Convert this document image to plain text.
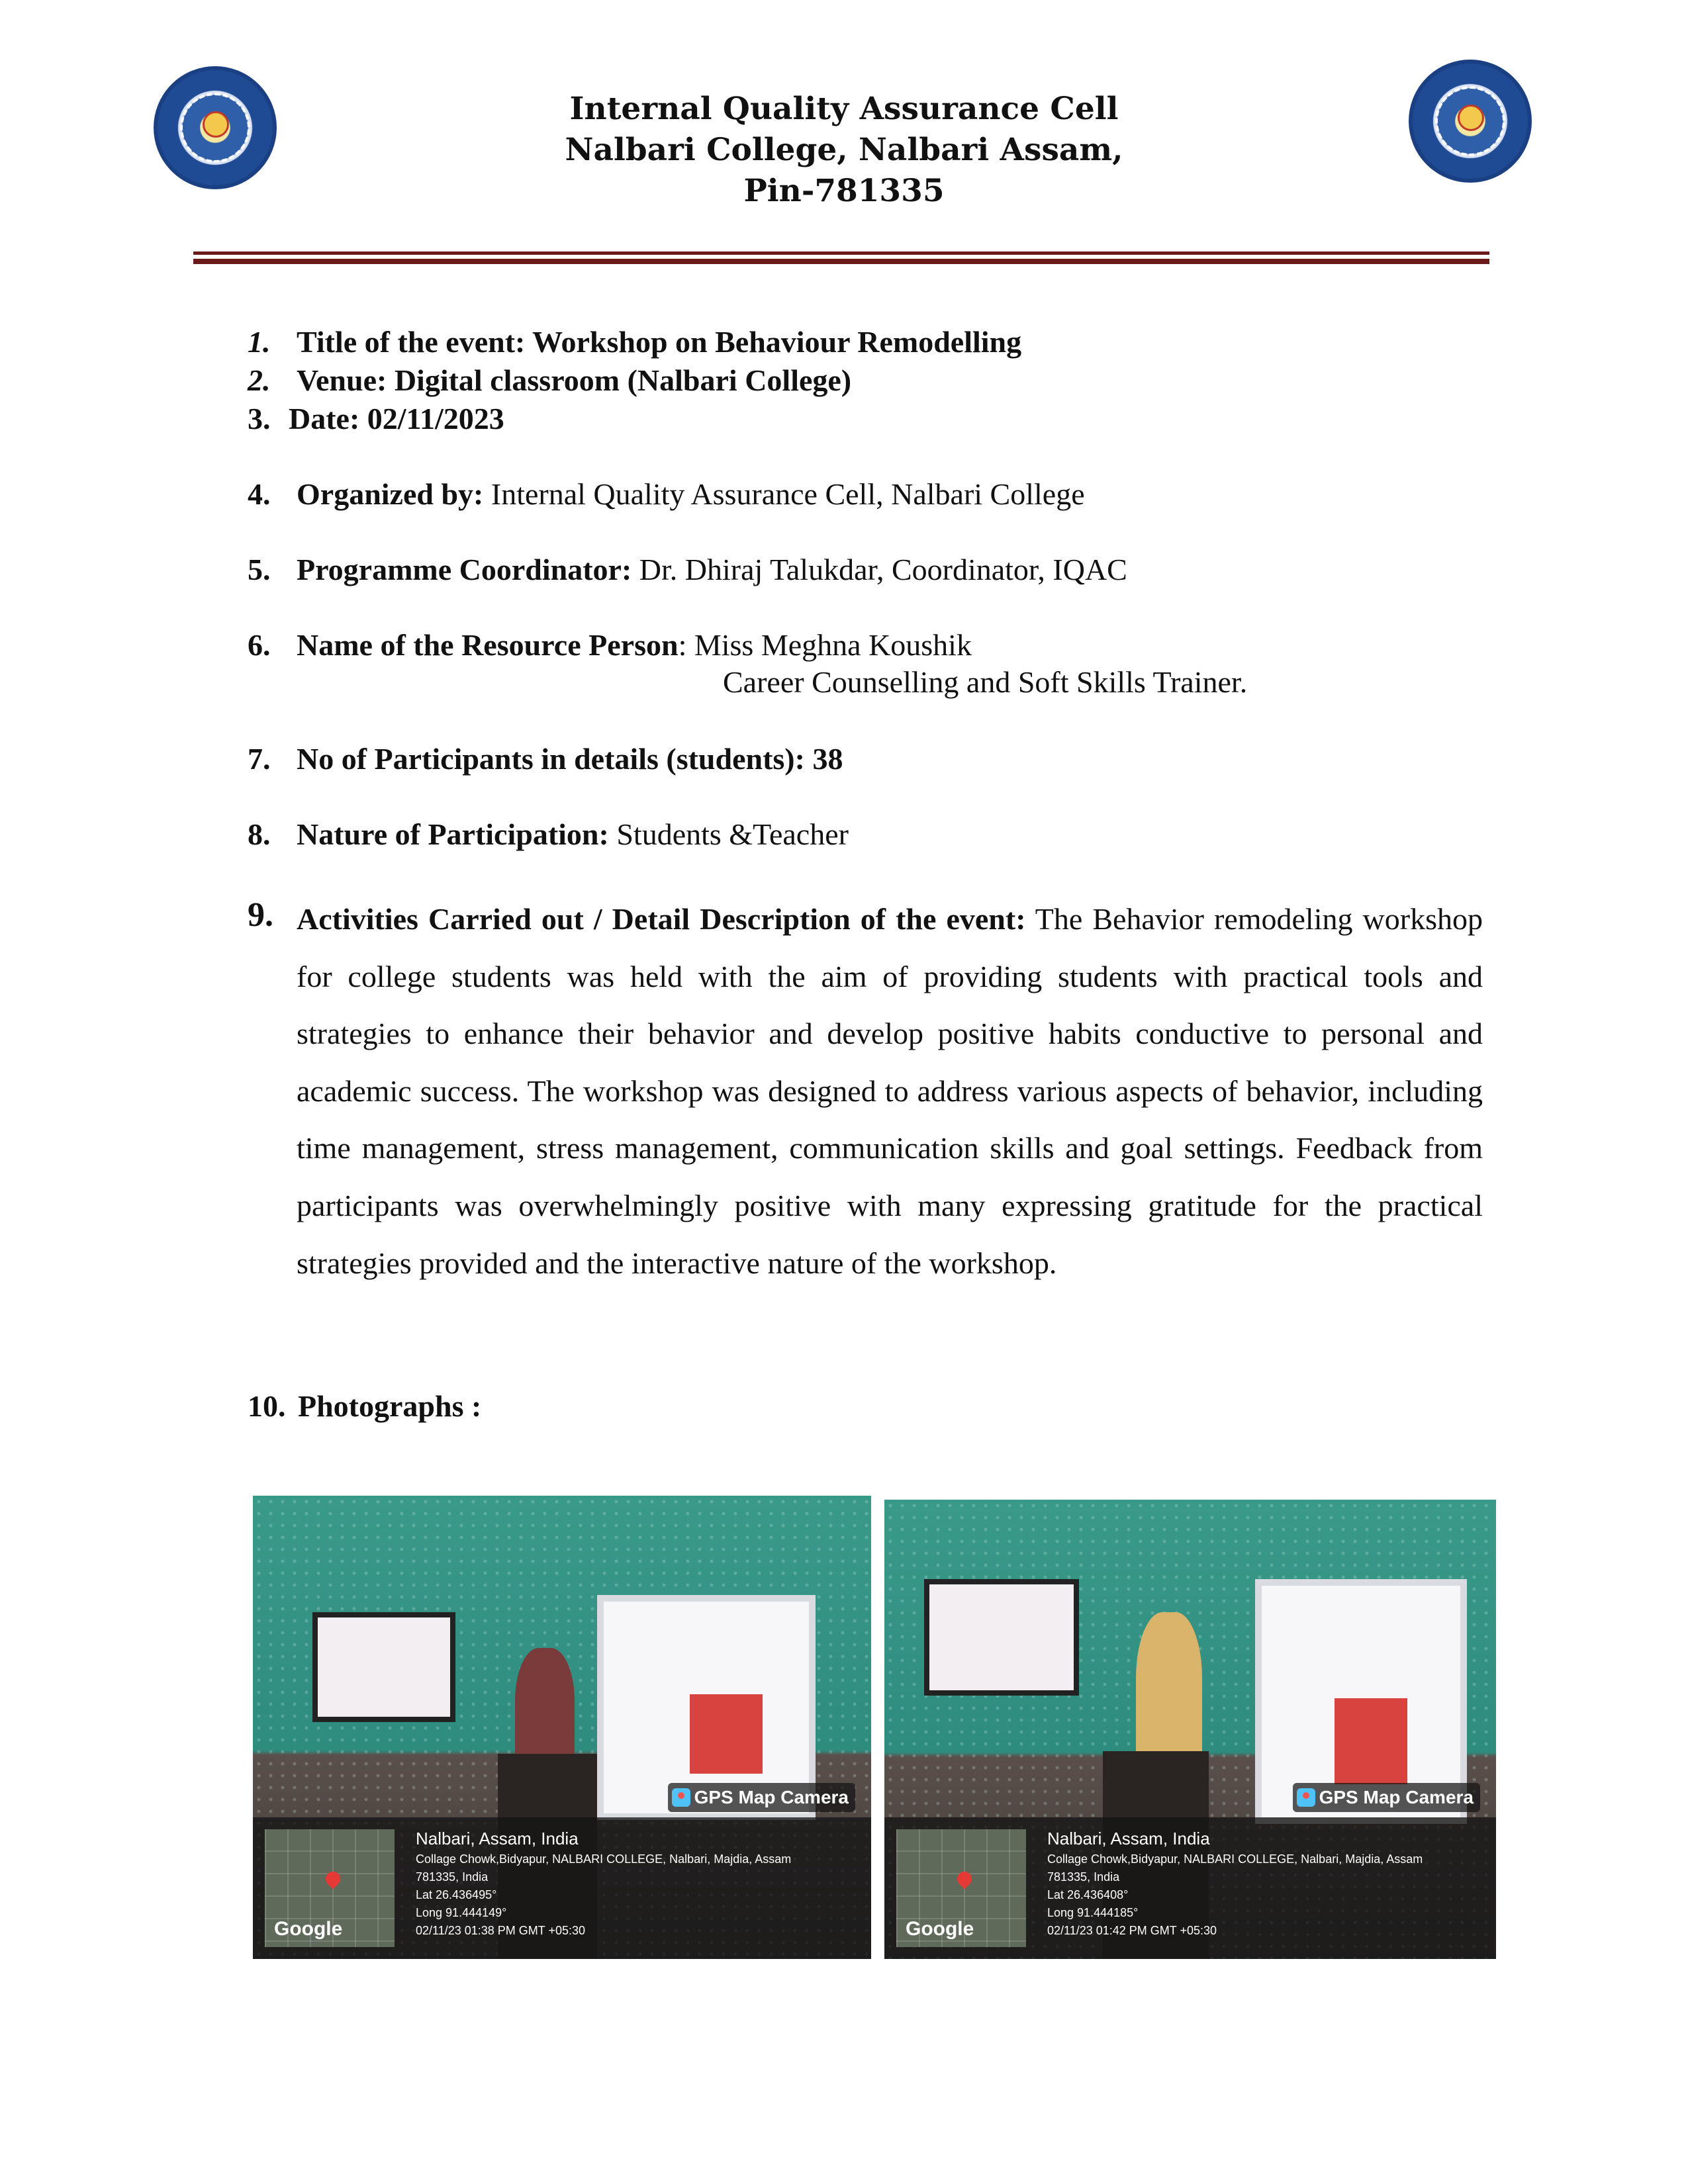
Internal Quality Assurance Cell
Nalbari College, Nalbari Assam,
Pin-781335
1. Title of the event: Workshop on Behaviour Remodelling
2. Venue: Digital classroom (Nalbari College)
3. Date: 02/11/2023
4. Organized by: Internal Quality Assurance Cell, Nalbari College
5. Programme Coordinator: Dr. Dhiraj Talukdar, Coordinator, IQAC
6. Name of the Resource Person: Miss Meghna Koushik
Career Counselling and Soft Skills Trainer.
7. No of Participants in details (students): 38
8. Nature of Participation: Students &Teacher
9. Activities Carried out / Detail Description of the event: The Behavior remodeling workshop for college students was held with the aim of providing students with practical tools and strategies to enhance their behavior and develop positive habits conductive to personal and academic success. The workshop was designed to address various aspects of behavior, including time management, stress management, communication skills and goal settings. Feedback from participants was overwhelmingly positive with many expressing gratitude for the practical strategies provided and the interactive nature of the workshop.

10. Photographs :
GPS Map Camera
Google
Nalbari, Assam, India
Collage Chowk,Bidyapur, NALBARI COLLEGE, Nalbari, Majdia, Assam
781335, India
Lat 26.436495°
Long 91.444149°
02/11/23 01:38 PM GMT +05:30
GPS Map Camera
Google
Nalbari, Assam, India
Collage Chowk,Bidyapur, NALBARI COLLEGE, Nalbari, Majdia, Assam
781335, India
Lat 26.436408°
Long 91.444185°
02/11/23 01:42 PM GMT +05:30
